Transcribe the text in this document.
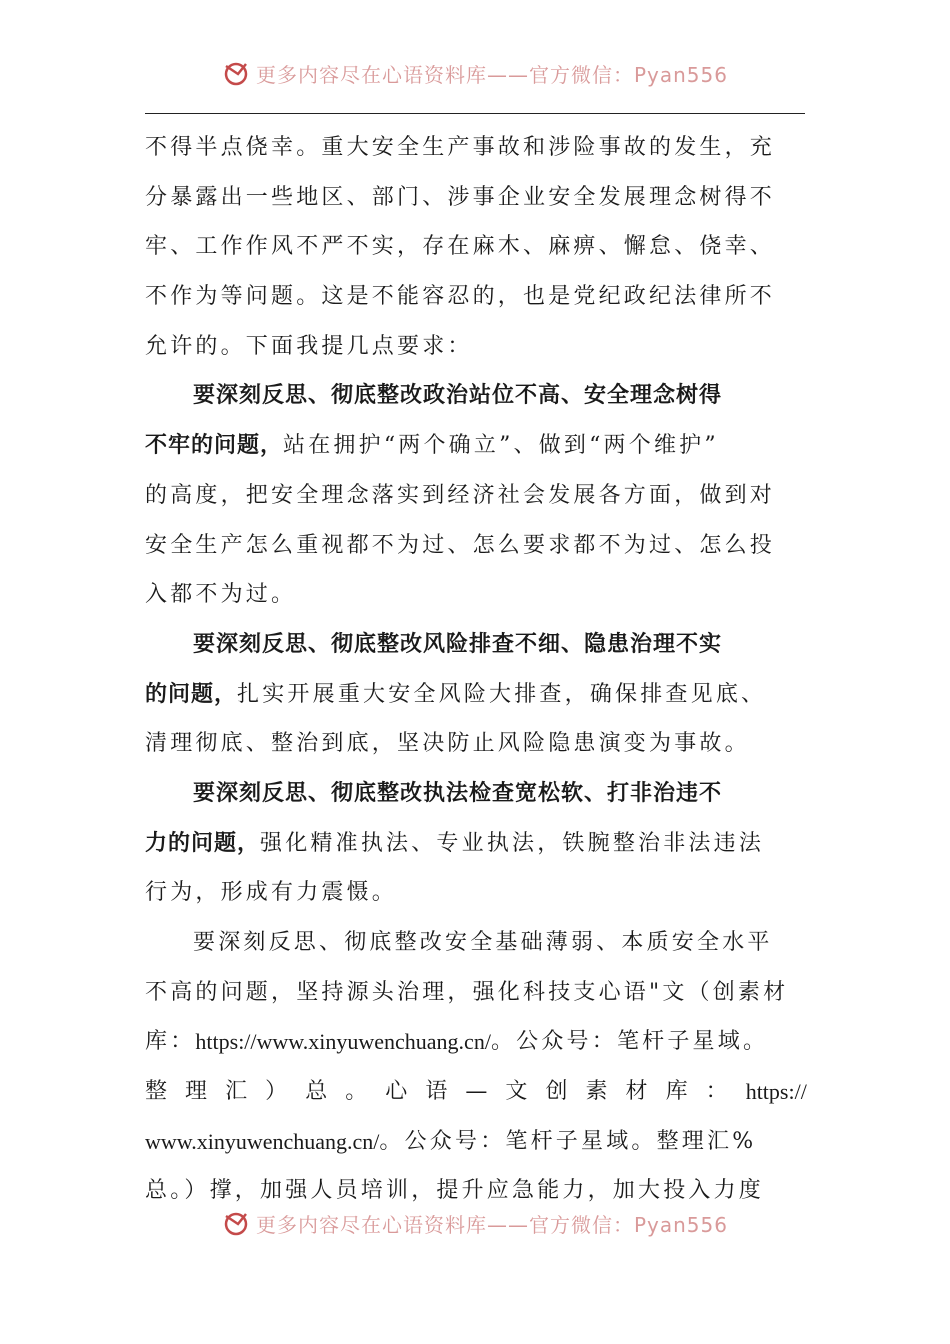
更多内容尽在心语资料库——官方微信：Pyan556
不得半点侥幸。重大安全生产事故和涉险事故的发生，充
分暴露出一些地区、部门、涉事企业安全发展理念树得不
牢、工作作风不严不实，存在麻木、麻痹、懈怠、侥幸、
不作为等问题。这是不能容忍的，也是党纪政纪法律所不
允许的。下面我提几点要求：
要深刻反思、彻底整改政治站位不高、安全理念树得
不牢的问题， 站在拥护“两个确立”、做到“两个维护”
的高度，把安全理念落实到经济社会发展各方面，做到对
安全生产怎么重视都不为过、怎么要求都不为过、怎么投
入都不为过。
要深刻反思、彻底整改风险排查不细、隐患治理不实
的问题， 扎实开展重大安全风险大排查，确保排查见底、
清理彻底、整治到底，坚决防止风险隐患演变为事故。
要深刻反思、彻底整改执法检查宽松软、打非治违不
力的问题， 强化精准执法、专业执法，铁腕整治非法违法
行为，形成有力震慑。
要深刻反思、彻底整改安全基础薄弱、本质安全水平
不高的问题，坚持源头治理，强化科技支心语"文（创素材
库： https://www.xinyuwenchuang.cn/ 。公众号：笔杆子星域。
整 理 汇 ） 总 。 心 语 — 文 创 素 材 库 ： https://
www.xinyuwenchuang.cn/ 。公众号：笔杆子星域。整理汇%
总。）撑，加强人员培训，提升应急能力，加大投入力度
更多内容尽在心语资料库——官方微信：Pyan556
